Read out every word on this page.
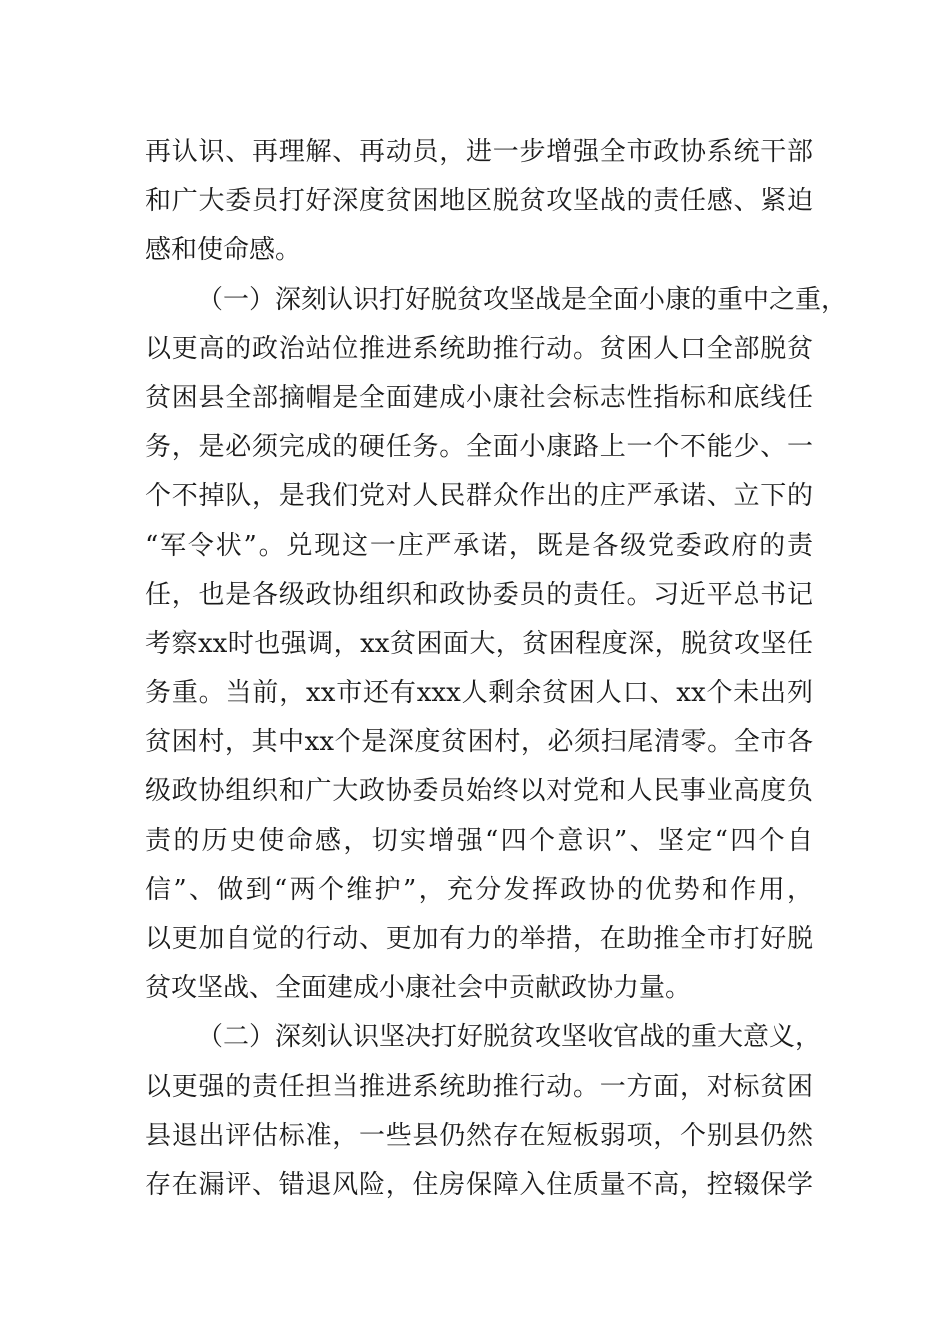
再认识、再理解、再动员，进一步增强全市政协系统干部
和广大委员打好深度贫困地区脱贫攻坚战的责任感、紧迫
感和使命感。
（一）深刻认识打好脱贫攻坚战是全面小康的重中之重，
以更高的政治站位推进系统助推行动。贫困人口全部脱贫
贫困县全部摘帽是全面建成小康社会标志性指标和底线任
务，是必须完成的硬任务。全面小康路上一个不能少、一
个不掉队，是我们党对人民群众作出的庄严承诺、立下的
“军令状”。兑现这一庄严承诺，既是各级党委政府的责
任，也是各级政协组织和政协委员的责任。习近平总书记
考察xx时也强调，xx贫困面大，贫困程度深，脱贫攻坚任
务重。当前，xx市还有xxx人剩余贫困人口、xx个未出列
贫困村，其中xx个是深度贫困村，必须扫尾清零。全市各
级政协组织和广大政协委员始终以对党和人民事业高度负
责的历史使命感，切实增强“四个意识”、坚定“四个自
信”、做到“两个维护”，充分发挥政协的优势和作用，
以更加自觉的行动、更加有力的举措，在助推全市打好脱
贫攻坚战、全面建成小康社会中贡献政协力量。
（二）深刻认识坚决打好脱贫攻坚收官战的重大意义，
以更强的责任担当推进系统助推行动。一方面，对标贫困
县退出评估标准，一些县仍然存在短板弱项，个别县仍然
存在漏评、错退风险，住房保障入住质量不高，控辍保学
